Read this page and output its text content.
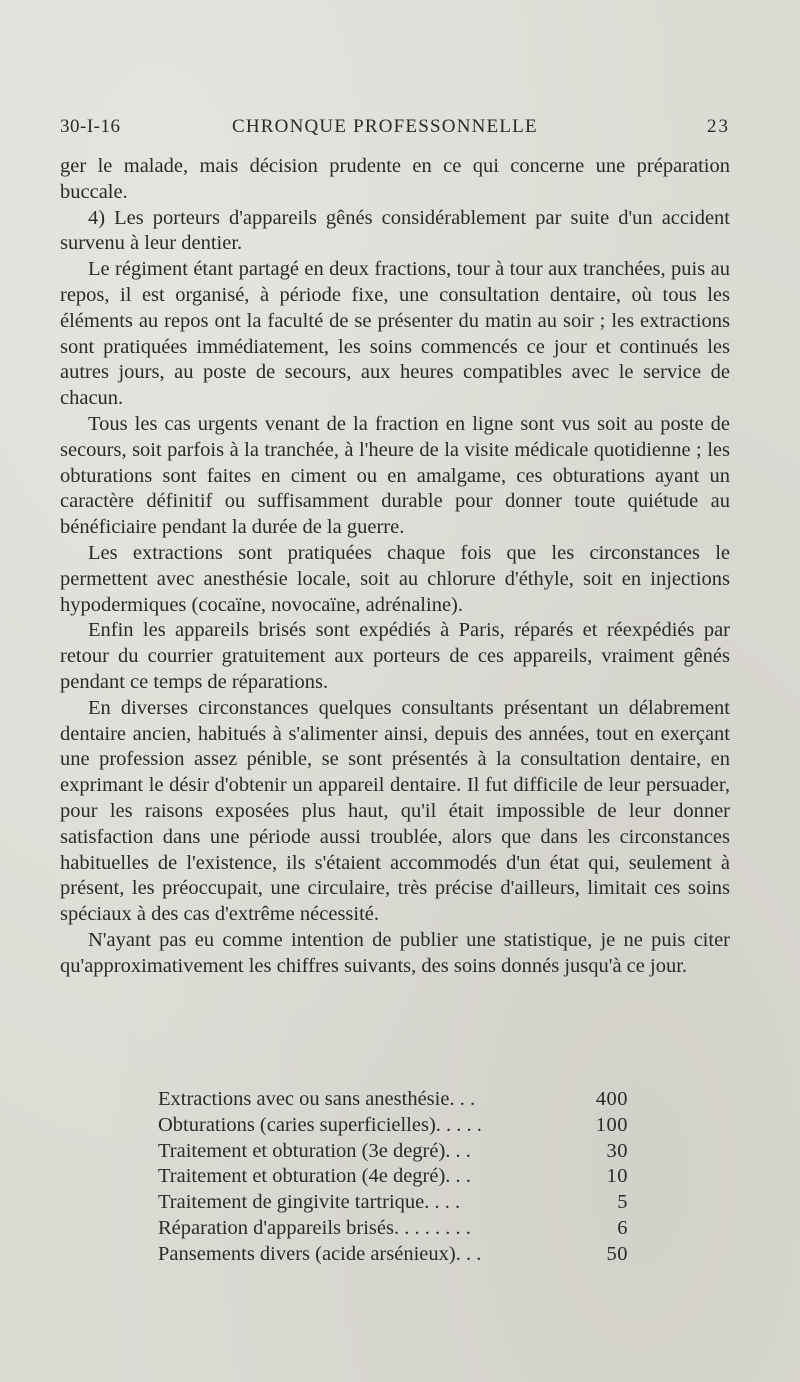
30-I-16	CHRONQUE PROFESSONNELLE	23

ger le malade, mais décision prudente en ce qui concerne une préparation buccale.

4) Les porteurs d'appareils gênés considérablement par suite d'un accident survenu à leur dentier.

Le régiment étant partagé en deux fractions, tour à tour aux tranchées, puis au repos, il est organisé, à période fixe, une consultation dentaire, où tous les éléments au repos ont la faculté de se présenter du matin au soir ; les extractions sont pratiquées immédiatement, les soins commencés ce jour et continués les autres jours, au poste de secours, aux heures compatibles avec le service de chacun.

Tous les cas urgents venant de la fraction en ligne sont vus soit au poste de secours, soit parfois à la tranchée, à l'heure de la visite médicale quotidienne ; les obturations sont faites en ciment ou en amalgame, ces obturations ayant un caractère définitif ou suffisamment durable pour donner toute quiétude au bénéficiaire pendant la durée de la guerre.

Les extractions sont pratiquées chaque fois que les circonstances le permettent avec anesthésie locale, soit au chlorure d'éthyle, soit en injections hypodermiques (cocaïne, novocaïne, adrénaline).

Enfin les appareils brisés sont expédiés à Paris, réparés et réexpédiés par retour du courrier gratuitement aux porteurs de ces appareils, vraiment gênés pendant ce temps de réparations.

En diverses circonstances quelques consultants présentant un délabrement dentaire ancien, habitués à s'alimenter ainsi, depuis des années, tout en exerçant une profession assez pénible, se sont présentés à la consultation dentaire, en exprimant le désir d'obtenir un appareil dentaire. Il fut difficile de leur persuader, pour les raisons exposées plus haut, qu'il était impossible de leur donner satisfaction dans une période aussi troublée, alors que dans les circonstances habituelles de l'existence, ils s'étaient accommodés d'un état qui, seulement à présent, les préoccupait, une circulaire, très précise d'ailleurs, limitait ces soins spéciaux à des cas d'extrême nécessité.

N'ayant pas eu comme intention de publier une statistique, je ne puis citer qu'approximativement les chiffres suivants, des soins donnés jusqu'à ce jour.

Extractions avec ou sans anesthésie. . .	400
Obturations (caries superficielles). . . . .	100
Traitement et obturation (3e degré). . .	30
Traitement et obturation (4e degré). . .	10
Traitement de gingivite tartrique. . . .	5
Réparation d'appareils brisés. . . . . . . .	6
Pansements divers (acide arsénieux). . .	50
